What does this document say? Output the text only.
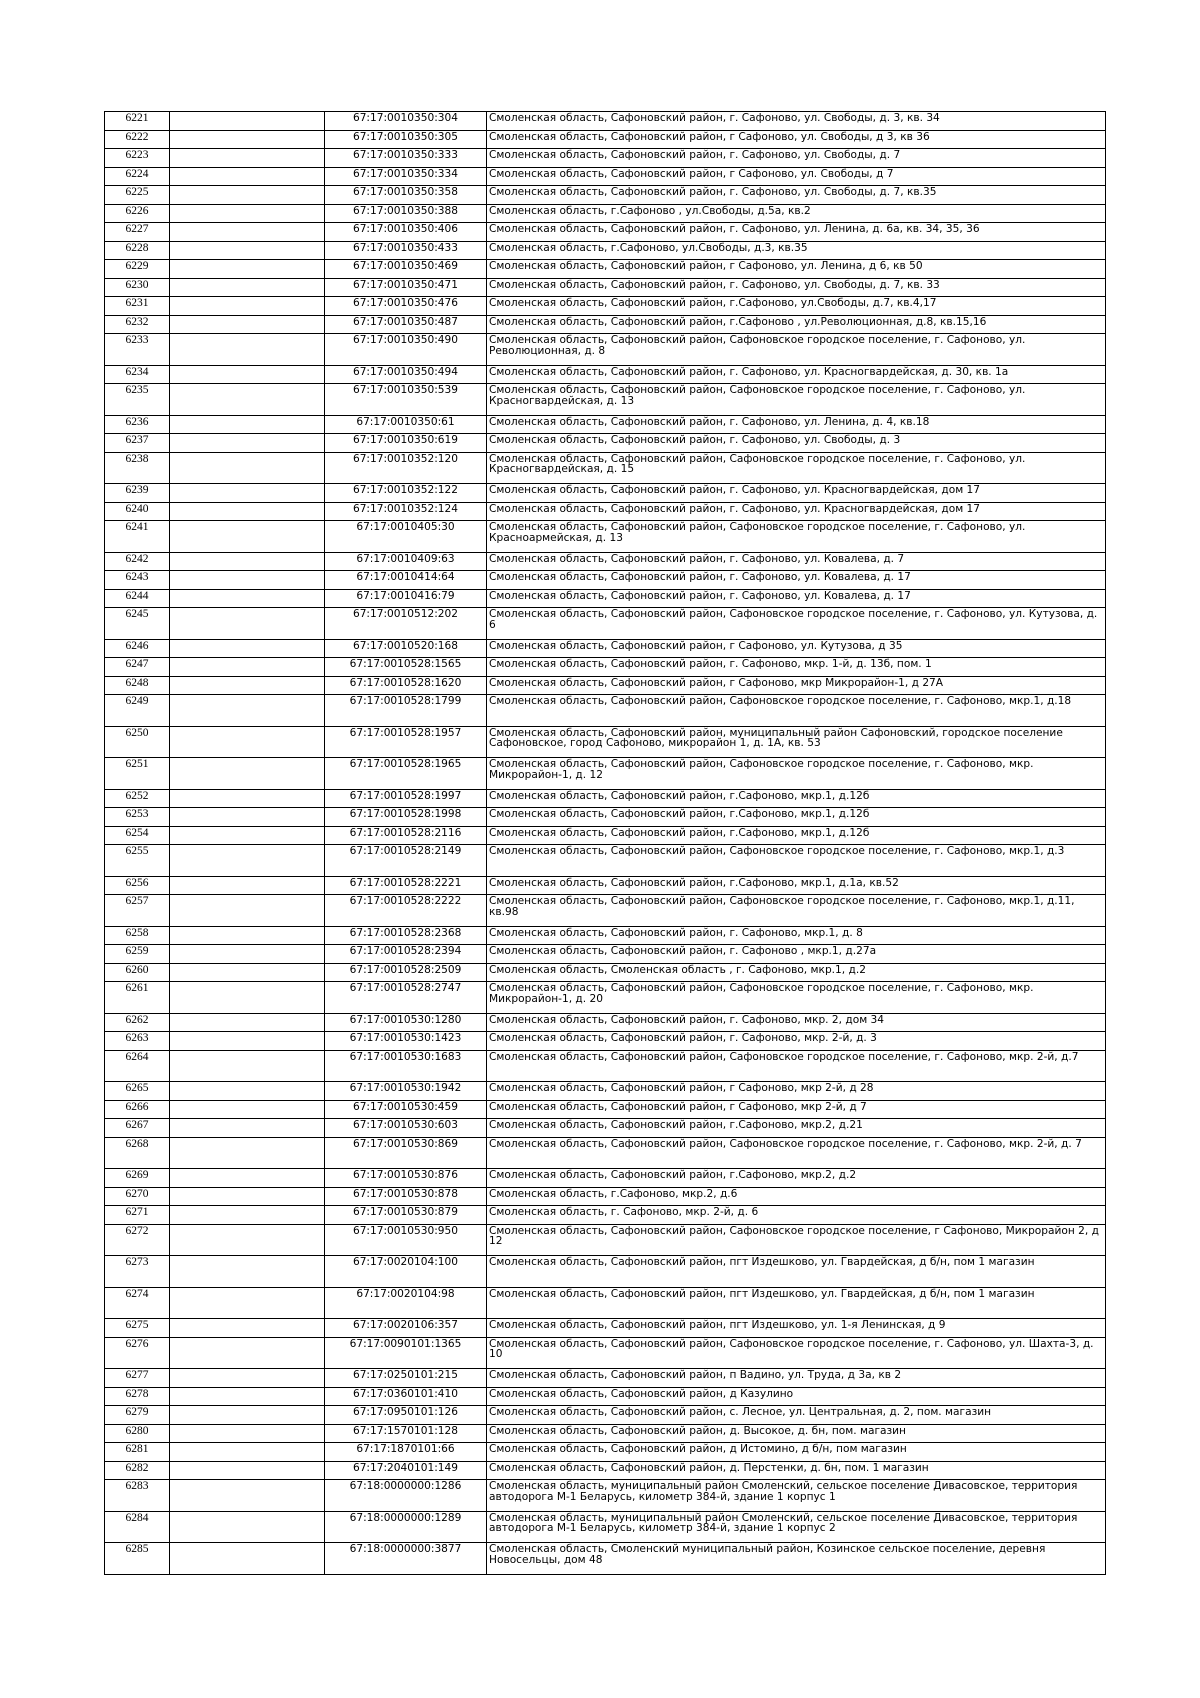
6221		67:17:0010350:304	Смоленская область, Сафоновский район, г. Сафоново, ул. Свободы, д. 3, кв. 34
6222		67:17:0010350:305	Смоленская область, Сафоновский район, г Сафоново, ул. Свободы, д 3, кв 36
6223		67:17:0010350:333	Смоленская область, Сафоновский район, г. Сафоново, ул. Свободы, д. 7
6224		67:17:0010350:334	Смоленская область, Сафоновский район, г Сафоново, ул. Свободы, д 7
6225		67:17:0010350:358	Смоленская область, Сафоновский район, г. Сафоново, ул. Свободы, д. 7, кв.35
6226		67:17:0010350:388	Смоленская область, г.Сафоново , ул.Свободы, д.5а, кв.2
6227		67:17:0010350:406	Смоленская область, Сафоновский район, г. Сафоново, ул. Ленина, д. 6а, кв. 34, 35, 36
6228		67:17:0010350:433	Смоленская область, г.Сафоново, ул.Свободы, д.3, кв.35
6229		67:17:0010350:469	Смоленская область, Сафоновский район, г Сафоново, ул. Ленина, д 6, кв 50
6230		67:17:0010350:471	Смоленская область, Сафоновский район, г. Сафоново, ул. Свободы, д. 7, кв. 33
6231		67:17:0010350:476	Смоленская область, Сафоновский район, г.Сафоново, ул.Свободы, д.7, кв.4,17
6232		67:17:0010350:487	Смоленская область, Сафоновский район, г.Сафоново , ул.Революционная, д.8, кв.15,16
6233		67:17:0010350:490	Смоленская область, Сафоновский район, Сафоновское городское поселение, г. Сафоново, ул. Революционная, д. 8
6234		67:17:0010350:494	Смоленская область, Сафоновский район, г. Сафоново, ул. Красногвардейская, д. 30, кв. 1а
6235		67:17:0010350:539	Смоленская область, Сафоновский район, Сафоновское городское поселение, г. Сафоново, ул. Красногвардейская, д. 13
6236		67:17:0010350:61	Смоленская область, Сафоновский район, г. Сафоново, ул. Ленина, д. 4, кв.18
6237		67:17:0010350:619	Смоленская область, Сафоновский район, г. Сафоново, ул. Свободы, д. 3
6238		67:17:0010352:120	Смоленская область, Сафоновский район, Сафоновское городское поселение, г. Сафоново, ул. Красногвардейская, д. 15
6239		67:17:0010352:122	Смоленская область, Сафоновский район, г. Сафоново, ул. Красногвардейская, дом 17
6240		67:17:0010352:124	Смоленская область, Сафоновский район, г. Сафоново, ул. Красногвардейская, дом 17
6241		67:17:0010405:30	Смоленская область, Сафоновский район, Сафоновское городское поселение, г. Сафоново, ул. Красноармейская, д. 13
6242		67:17:0010409:63	Смоленская область, Сафоновский район, г. Сафоново, ул. Ковалева, д. 7
6243		67:17:0010414:64	Смоленская область, Сафоновский район, г. Сафоново, ул. Ковалева, д. 17
6244		67:17:0010416:79	Смоленская область, Сафоновский район, г. Сафоново, ул. Ковалева, д. 17
6245		67:17:0010512:202	Смоленская область, Сафоновский район, Сафоновское городское поселение, г. Сафоново, ул. Кутузова, д. 6
6246		67:17:0010520:168	Смоленская область, Сафоновский район, г Сафоново, ул. Кутузова, д 35
6247		67:17:0010528:1565	Смоленская область, Сафоновский район, г. Сафоново, мкр. 1-й, д. 13б, пом. 1
6248		67:17:0010528:1620	Смоленская область, Сафоновский район, г Сафоново, мкр Микрорайон-1, д 27А
6249		67:17:0010528:1799	Смоленская область, Сафоновский район, Сафоновское городское поселение, г. Сафоново, мкр.1, д.18
6250		67:17:0010528:1957	Смоленская область, Сафоновский район, муниципальный район Сафоновский, городское поселение Сафоновское, город Сафоново, микрорайон 1, д. 1А, кв. 53
6251		67:17:0010528:1965	Смоленская область, Сафоновский район, Сафоновское городское поселение, г. Сафоново, мкр. Микрорайон-1, д. 12
6252		67:17:0010528:1997	Смоленская область, Сафоновский район, г.Сафоново, мкр.1, д.12б
6253		67:17:0010528:1998	Смоленская область, Сафоновский район, г.Сафоново, мкр.1, д.12б
6254		67:17:0010528:2116	Смоленская область, Сафоновский район, г.Сафоново, мкр.1, д.12б
6255		67:17:0010528:2149	Смоленская область, Сафоновский район, Сафоновское городское поселение, г. Сафоново, мкр.1, д.3
6256		67:17:0010528:2221	Смоленская область, Сафоновский район, г.Сафоново, мкр.1, д.1а, кв.52
6257		67:17:0010528:2222	Смоленская область, Сафоновский район, Сафоновское городское поселение, г. Сафоново, мкр.1, д.11, кв.98
6258		67:17:0010528:2368	Смоленская область, Сафоновский район, г. Сафоново, мкр.1, д. 8
6259		67:17:0010528:2394	Смоленская область, Сафоновский район, г. Сафоново , мкр.1, д.27а
6260		67:17:0010528:2509	Смоленская область, Смоленская область , г. Сафоново, мкр.1, д.2
6261		67:17:0010528:2747	Смоленская область, Сафоновский район, Сафоновское городское поселение, г. Сафоново, мкр. Микрорайон-1, д. 20
6262		67:17:0010530:1280	Смоленская область, Сафоновский район, г. Сафоново, мкр. 2, дом 34
6263		67:17:0010530:1423	Смоленская область, Сафоновский район, г. Сафоново, мкр. 2-й, д. 3
6264		67:17:0010530:1683	Смоленская область, Сафоновский район, Сафоновское городское поселение, г. Сафоново, мкр. 2-й, д.7
6265		67:17:0010530:1942	Смоленская область, Сафоновский район, г Сафоново, мкр 2-й, д 28
6266		67:17:0010530:459	Смоленская область, Сафоновский район, г Сафоново, мкр 2-й, д 7
6267		67:17:0010530:603	Смоленская область, Сафоновский район, г.Сафоново, мкр.2, д.21
6268		67:17:0010530:869	Смоленская область, Сафоновский район, Сафоновское городское поселение, г. Сафоново, мкр. 2-й, д. 7
6269		67:17:0010530:876	Смоленская область, Сафоновский район, г.Сафоново, мкр.2, д.2
6270		67:17:0010530:878	Смоленская область, г.Сафоново, мкр.2, д.6
6271		67:17:0010530:879	Смоленская область, г. Сафоново, мкр. 2-й, д. 6
6272		67:17:0010530:950	Смоленская область, Сафоновский район, Сафоновское городское поселение, г Сафоново, Микрорайон 2, д 12
6273		67:17:0020104:100	Смоленская область, Сафоновский район, пгт Издешково, ул. Гвардейская, д б/н, пом 1 магазин
6274		67:17:0020104:98	Смоленская область, Сафоновский район, пгт Издешково, ул. Гвардейская, д б/н, пом 1 магазин
6275		67:17:0020106:357	Смоленская область, Сафоновский район, пгт Издешково, ул. 1-я Ленинская, д 9
6276		67:17:0090101:1365	Смоленская область, Сафоновский район, Сафоновское городское поселение, г. Сафоново, ул. Шахта-3, д. 10
6277		67:17:0250101:215	Смоленская область, Сафоновский район, п Вадино, ул. Труда, д 3а, кв 2
6278		67:17:0360101:410	Смоленская область, Сафоновский район, д Казулино
6279		67:17:0950101:126	Смоленская область, Сафоновский район, с. Лесное, ул. Центральная, д. 2, пом. магазин
6280		67:17:1570101:128	Смоленская область, Сафоновский район, д. Высокое, д. бн, пом. магазин
6281		67:17:1870101:66	Смоленская область, Сафоновский район, д Истомино, д б/н, пом магазин
6282		67:17:2040101:149	Смоленская область, Сафоновский район, д. Перстенки, д. бн, пом. 1 магазин
6283		67:18:0000000:1286	Смоленская область, муниципальный район Смоленский, сельское поселение Дивасовское, территория автодорога М-1 Беларусь, километр 384-й, здание 1 корпус 1
6284		67:18:0000000:1289	Смоленская область, муниципальный район Смоленский, сельское поселение Дивасовское, территория автодорога М-1 Беларусь, километр 384-й, здание 1 корпус 2
6285		67:18:0000000:3877	Смоленская область, Смоленский муниципальный район, Козинское сельское поселение, деревня Новосельцы, дом 48
